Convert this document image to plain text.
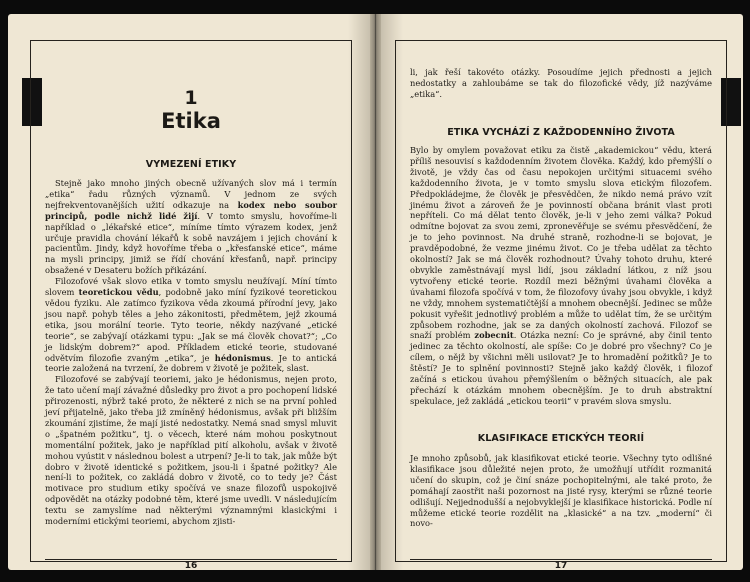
1
Etika
VYMEZENÍ ETIKY

Stejně jako mnoho jiných obecně užívaných slov má i termín „etika“ řadu různých významů. V jednom ze svých nejfrekventovanějších užití odkazuje na kodex nebo soubor principů, podle nichž lidé žijí. V tomto smyslu, hovoříme-li například o „lékařské etice“, míníme tímto výrazem kodex, jenž určuje pravidla chování lékařů k sobě navzájem i jejich chování k pacientům. Jindy, když hovoříme třeba o „křesťanské etice“, máme na mysli principy, jimiž se řídí chování křesťanů, např. principy obsažené v Desateru božích přikázání.

Filozofové však slovo etika v tomto smyslu neužívají. Míní tímto slovem teoretickou vědu, podobně jako míní fyzikové teoretickou vědou fyziku. Ale zatímco fyzikova věda zkoumá přírodní jevy, jako jsou např. pohyb těles a jeho zákonitosti, předmětem, jejž zkoumá etika, jsou morální teorie. Tyto teorie, někdy nazývané „etické teorie“, se zabývají otázkami typu: „Jak se má člověk chovat?“; „Co je lidským dobrem?“ apod. Příkladem etické teorie, studované odvětvím filozofie zvaným „etika“, je hédonismus. Je to antická teorie založená na tvrzení, že dobrem v životě je požitek, slast.

Filozofové se zabývají teoriemi, jako je hédonismus, nejen proto, že tato učení mají závažné důsledky pro život a pro pochopení lidské přirozenosti, nýbrž také proto, že některé z nich se na první pohled jeví přijatelně, jako třeba již zmíněný hédonismus, avšak při bližším zkoumání zjistíme, že mají jisté nedostatky. Nemá snad smysl mluvit o „špatném požitku“, tj. o věcech, které nám mohou poskytnout momentální požitek, jako je například pití alkoholu, avšak v životě mohou vyústit v následnou bolest a utrpení? Je-li to tak, jak může být dobro v životě identické s požitkem, jsou-li i špatné požitky? Ale není-li to požitek, co zakládá dobro v životě, co to tedy je? Část motivace pro studium etiky spočívá ve snaze filozofů uspokojivě odpovědět na otázky podobné těm, které jsme uvedli. V následujícím textu se zamyslíme nad některými významnými klasickými i moderními etickými teoriemi, abychom zjisti-

16

li, jak řeší takovéto otázky. Posoudíme jejich přednosti a jejich nedostatky a zahloubáme se tak do filozofické vědy, jíž nazýváme „etika“.

ETIKA VYCHÁZÍ Z KAŽDODENNÍHO ŽIVOTA

Bylo by omylem považovat etiku za čistě „akademickou“ vědu, která příliš nesouvisí s každodenním životem člověka. Každý, kdo přemýšlí o životě, je vždy čas od času nepokojen určitými situacemi svého každodenního života, je v tomto smyslu slova etickým filozofem. Předpokládejme, že člověk je přesvědčen, že nikdo nemá právo vzít jinému život a zároveň že je povinností občana bránit vlast proti nepříteli. Co má dělat tento člověk, je-li v jeho zemi válka? Pokud odmítne bojovat za svou zemi, zpronevěřuje se svému přesvědčení, že je to jeho povinnost. Na druhé straně, rozhodne-li se bojovat, je pravděpodobné, že vezme jinému život. Co je třeba udělat za těchto okolností? Jak se má člověk rozhodnout? Úvahy tohoto druhu, které obvykle zaměstnávají mysl lidí, jsou základní látkou, z níž jsou vytvořeny etické teorie. Rozdíl mezi běžnými úvahami člověka a úvahami filozofa spočívá v tom, že filozofovy úvahy jsou obvykle, i když ne vždy, mnohem systematičtější a mnohem obecnější. Jedinec se může pokusit vyřešit jednotlivý problém a může to udělat tím, že se určitým způsobem rozhodne, jak se za daných okolností zachová. Filozof se snaží problém zobecnit. Otázka nezní: Co je správné, aby činil tento jedinec za těchto okolností, ale spíše: Co je dobré pro všechny? Co je cílem, o nějž by všichni měli usilovat? Je to hromadění požitků? Je to štěstí? Je to splnění povinnosti? Stejně jako každý člověk, i filozof začíná s etickou úvahou přemýšlením o běžných situacích, ale pak přechází k otázkám mnohem obecnějším. Je to druh abstraktní spekulace, jež zakládá „etickou teorii“ v pravém slova smyslu.

KLASIFIKACE ETICKÝCH TEORIÍ

Je mnoho způsobů, jak klasifikovat etické teorie. Všechny tyto odlišné klasifikace jsou důležité nejen proto, že umožňují utřídit rozmanitá učení do skupin, což je činí snáze pochopitelnými, ale také proto, že pomáhají zaostřit naši pozornost na jisté rysy, kterými se různé teorie odlišují. Nejjednodušší a nejobvyklejší je klasifikace historická. Podle ní můžeme etické teorie rozdělit na „klasické“ a na tzv. „moderní“ či novo-

17
